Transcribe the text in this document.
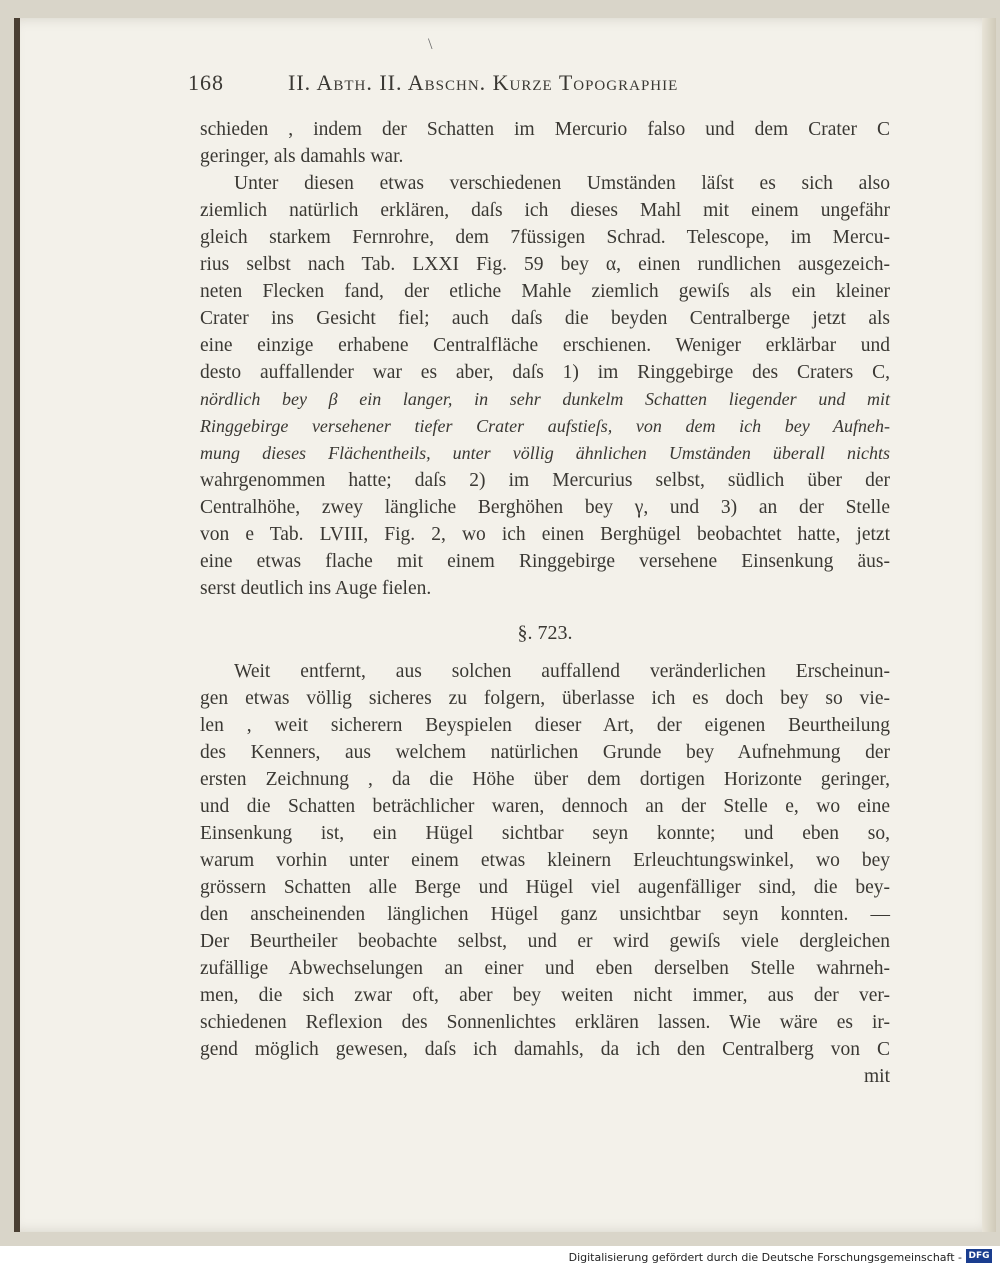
\
168	II. Abth. II. Abschn. Kurze Topographie
schieden , indem der Schatten im Mercurio falso und dem Crater C
geringer, als damahls war.
Unter diesen etwas verschiedenen Umständen läſst es sich also
ziemlich natürlich erklären, daſs ich dieses Mahl mit einem ungefähr
gleich starkem Fernrohre, dem 7füssigen Schrad. Telescope, im Mercu-
rius selbst nach Tab. LXXI Fig. 59 bey α, einen rundlichen ausgezeich-
neten Flecken fand, der etliche Mahle ziemlich gewiſs als ein kleiner
Crater ins Gesicht fiel; auch daſs die beyden Centralberge jetzt als
eine einzige erhabene Centralfläche erschienen. Weniger erklärbar und
desto auffallender war es aber, daſs 1) im Ringgebirge des Craters C,
nördlich bey β ein langer, in sehr dunkelm Schatten liegender und mit
Ringgebirge versehener tiefer Crater aufstieſs, von dem ich bey Aufneh-
mung dieses Flächentheils, unter völlig ähnlichen Umständen überall nichts
wahrgenommen hatte; daſs 2) im Mercurius selbst, südlich über der
Centralhöhe, zwey längliche Berghöhen bey γ, und 3) an der Stelle
von e Tab. LVIII, Fig. 2, wo ich einen Berghügel beobachtet hatte, jetzt
eine etwas flache mit einem Ringgebirge versehene Einsenkung äus-
serst deutlich ins Auge fielen.
§. 723.
Weit entfernt, aus solchen auffallend veränderlichen Erscheinun-
gen etwas völlig sicheres zu folgern, überlasse ich es doch bey so vie-
len , weit sicherern Beyspielen dieser Art, der eigenen Beurtheilung
des Kenners, aus welchem natürlichen Grunde bey Aufnehmung der
ersten Zeichnung , da die Höhe über dem dortigen Horizonte geringer,
und die Schatten beträchlicher waren, dennoch an der Stelle e, wo eine
Einsenkung ist, ein Hügel sichtbar seyn konnte; und eben so,
warum vorhin unter einem etwas kleinern Erleuchtungswinkel, wo bey
grössern Schatten alle Berge und Hügel viel augenfälliger sind, die bey-
den anscheinenden länglichen Hügel ganz unsichtbar seyn konnten. —
Der Beurtheiler beobachte selbst, und er wird gewiſs viele dergleichen
zufällige Abwechselungen an einer und eben derselben Stelle wahrneh-
men, die sich zwar oft, aber bey weiten nicht immer, aus der ver-
schiedenen Reflexion des Sonnenlichtes erklären lassen. Wie wäre es ir-
gend möglich gewesen, daſs ich damahls, da ich den Centralberg von C
mit
Digitalisierung gefördert durch die Deutsche Forschungsgemeinschaft - DFG
